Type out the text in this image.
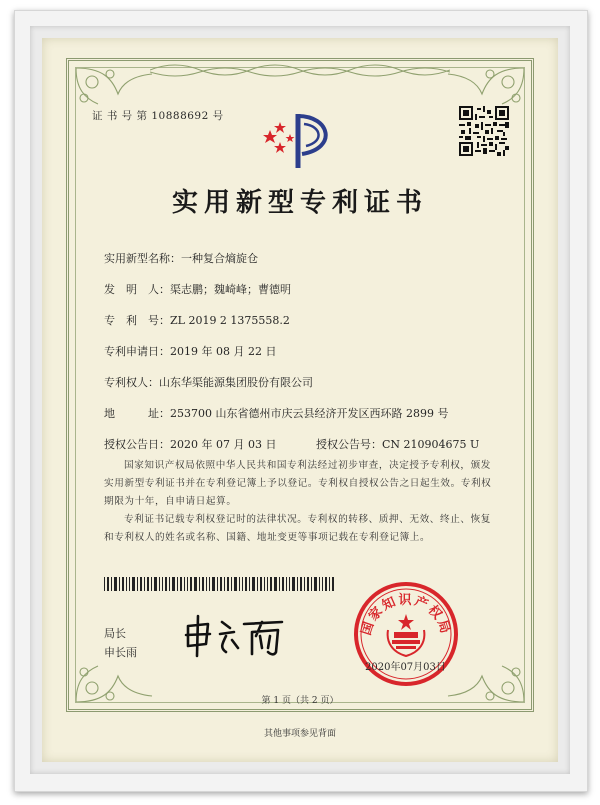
证 书 号 第 10888692 号
实用新型专利证书
实用新型名称：一种复合熵旋仓
发　明　人：渠志鹏；魏崎峰；曹德明
专　利　号：ZL 2019 2 1375558.2
专利申请日：2019 年 08 月 22 日
专利权人：山东华渠能源集团股份有限公司
地　　　址：253700 山东省德州市庆云县经济开发区西环路 2899 号
授权公告日：2020 年 07 月 03 日	授权公告号：CN 210904675 U
国家知识产权局依照中华人民共和国专利法经过初步审查，决定授予专利权，颁发实用新型专利证书并在专利登记簿上予以登记。专利权自授权公告之日起生效。专利权期限为十年，自申请日起算。
专利证书记载专利权登记时的法律状况。专利权的转移、质押、无效、终止、恢复和专利权人的姓名或名称、国籍、地址变更等事项记载在专利登记簿上。
局长
申长雨
国家知识产权局
2020年07月03日
第 1 页（共 2 页）
其他事项参见背面
